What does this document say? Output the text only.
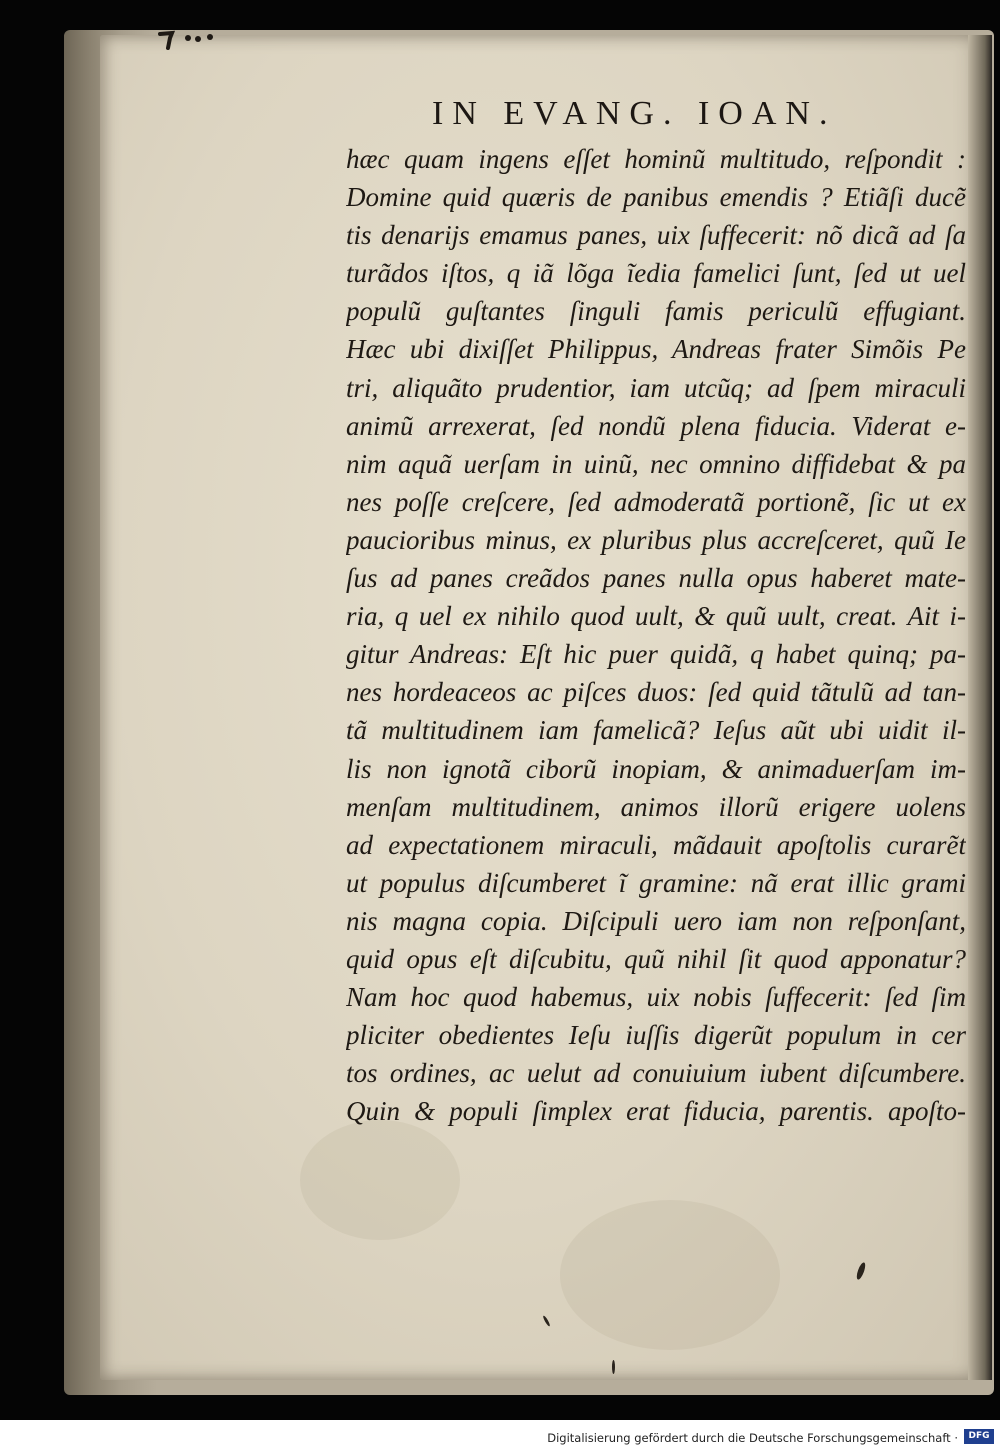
IN EVANG. IOAN.
hæc quam ingens eſſet hominũ multitudo, reſpondit :
Domine quid quæris de panibus emendis ? Etiãſi ducẽ
tis denarijs emamus panes, uix ſuffecerit: nõ dicã ad ſa
turãdos iſtos, q iã lõga ĩedia famelici ſunt, ſed ut uel
populũ guſtantes ſinguli famis periculũ effugiant.
Hæc ubi dixiſſet Philippus, Andreas frater Simõis Pe
tri, aliquãto prudentior, iam utcũq; ad ſpem miraculi
animũ arrexerat, ſed nondũ plena fiducia. Viderat e-
nim aquã uerſam in uinũ, nec omnino diffidebat & pa
nes poſſe creſcere, ſed admoderatã portionẽ, ſic ut ex
paucioribus minus, ex pluribus plus accreſceret, quũ Ie
ſus ad panes creãdos panes nulla opus haberet mate-
ria, q uel ex nihilo quod uult, & quũ uult, creat. Ait i-
gitur Andreas: Eſt hic puer quidã, q habet quinq; pa-
nes hordeaceos ac piſces duos: ſed quid tãtulũ ad tan-
tã multitudinem iam famelicã? Ieſus aũt ubi uidit il-
lis non ignotã ciborũ inopiam, & animaduerſam im-
menſam multitudinem, animos illorũ erigere uolens
ad expectationem miraculi, mãdauit apoſtolis curarẽt
ut populus diſcumberet ĩ gramine: nã erat illic grami
nis magna copia. Diſcipuli uero iam non reſponſant,
quid opus eſt diſcubitu, quũ nihil ſit quod apponatur?
Nam hoc quod habemus, uix nobis ſuffecerit: ſed ſim
pliciter obedientes Ieſu iuſſis digerũt populum in cer
tos ordines, ac uelut ad conuiuium iubent diſcumbere.
Quin & populi ſimplex erat fiducia, parentis. apoſto-
Digitalisierung gefördert durch die Deutsche Forschungsgemeinschaft ·	DFG
